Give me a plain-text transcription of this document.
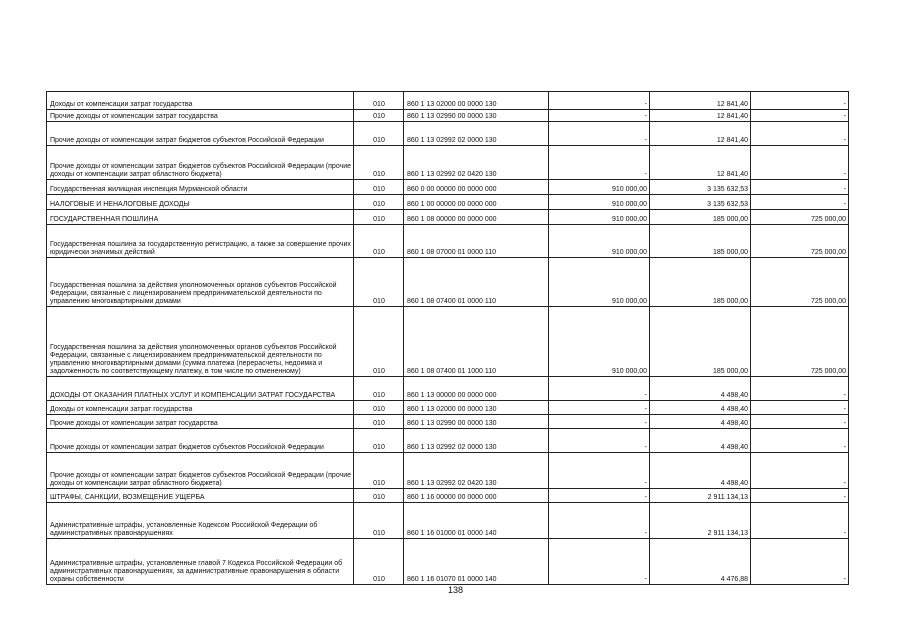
Доходы от компенсации затрат государства	010	860 1 13 02000 00 0000 130	-	12 841,40	-
Прочие доходы от компенсации затрат государства	010	860 1 13 02990 00 0000 130	-	12 841,40	-
Прочие доходы от компенсации затрат бюджетов субъектов Российской Федерации	010	860 1 13 02992 02 0000 130	-	12 841,40	-
Прочие доходы от компенсации затрат бюджетов субъектов Российской Федерации (прочие доходы от компенсации затрат областного бюджета)	010	860 1 13 02992 02 0420 130	-	12 841,40	-
Государственная жилищная инспекция Мурманской области	010	860 0 00 00000 00 0000 000	910 000,00	3 135 632,53	-
НАЛОГОВЫЕ И НЕНАЛОГОВЫЕ ДОХОДЫ	010	860 1 00 00000 00 0000 000	910 000,00	3 135 632,53	-
ГОСУДАРСТВЕННАЯ ПОШЛИНА	010	860 1 08 00000 00 0000 000	910 000,00	185 000,00	725 000,00
Государственная пошлина за государственную регистрацию, а также за совершение прочих юридически значимых действий	010	860 1 08 07000 01 0000 110	910 000,00	185 000,00	725 000,00
Государственная пошлина за действия уполномоченных органов субъектов Российской Федерации, связанные с лицензированием предпринимательской деятельности по управлению многоквартирными домами	010	860 1 08 07400 01 0000 110	910 000,00	185 000,00	725 000,00
Государственная пошлина за действия уполномоченных органов субъектов Российской Федерации, связанные с лицензированием предпринимательской деятельности по управлению многоквартирными домами (сумма платежа (перерасчеты, недоимка и задолженность по соответствующему платежу, в том числе по отмененному)	010	860 1 08 07400 01 1000 110	910 000,00	185 000,00	725 000,00
ДОХОДЫ ОТ ОКАЗАНИЯ ПЛАТНЫХ УСЛУГ И КОМПЕНСАЦИИ ЗАТРАТ ГОСУДАРСТВА	010	860 1 13 00000 00 0000 000	-	4 498,40	-
Доходы от компенсации затрат государства	010	860 1 13 02000 00 0000 130	-	4 498,40	-
Прочие доходы от компенсации затрат государства	010	860 1 13 02990 00 0000 130	-	4 498,40	-
Прочие доходы от компенсации затрат бюджетов субъектов Российской Федерации	010	860 1 13 02992 02 0000 130	-	4 498,40	-
Прочие доходы от компенсации затрат бюджетов субъектов Российской Федерации (прочие доходы от компенсации затрат областного бюджета)	010	860 1 13 02992 02 0420 130	-	4 498,40	-
ШТРАФЫ, САНКЦИИ, ВОЗМЕЩЕНИЕ УЩЕРБА	010	860 1 16 00000 00 0000 000	-	2 911 134,13	-
Административные штрафы, установленные Кодексом Российской Федерации об административных правонарушениях	010	860 1 16 01000 01 0000 140	-	2 911 134,13	-
Административные штрафы, установленные главой 7 Кодекса Российской Федерации об административных правонарушениях, за административные правонарушения в области охраны собственности	010	860 1 16 01070 01 0000 140	-	4 476,88	-
138
